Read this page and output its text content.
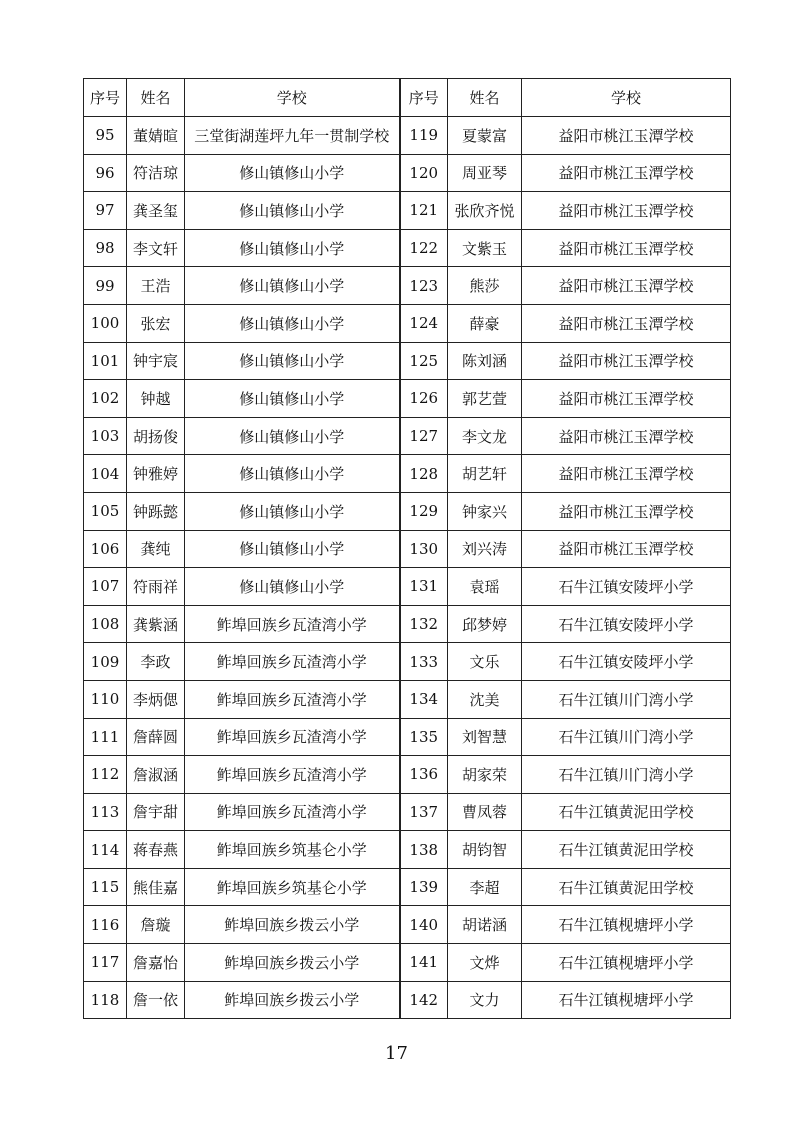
序号	姓名	学校	序号	姓名	学校
95	董婧暄	三堂街湖莲坪九年一贯制学校	119	夏蒙富	益阳市桃江玉潭学校
96	符洁琼	修山镇修山小学	120	周亚琴	益阳市桃江玉潭学校
97	龚圣玺	修山镇修山小学	121	张欣齐悦	益阳市桃江玉潭学校
98	李文轩	修山镇修山小学	122	文紫玉	益阳市桃江玉潭学校
99	王浩	修山镇修山小学	123	熊莎	益阳市桃江玉潭学校
100	张宏	修山镇修山小学	124	薛豪	益阳市桃江玉潭学校
101	钟宇宸	修山镇修山小学	125	陈刘涵	益阳市桃江玉潭学校
102	钟越	修山镇修山小学	126	郭艺萱	益阳市桃江玉潭学校
103	胡扬俊	修山镇修山小学	127	李文龙	益阳市桃江玉潭学校
104	钟雅婷	修山镇修山小学	128	胡艺轩	益阳市桃江玉潭学校
105	钟跞懿	修山镇修山小学	129	钟家兴	益阳市桃江玉潭学校
106	龚纯	修山镇修山小学	130	刘兴涛	益阳市桃江玉潭学校
107	符雨祥	修山镇修山小学	131	袁瑶	石牛江镇安陵坪小学
108	龚紫涵	鲊埠回族乡瓦渣湾小学	132	邱梦婷	石牛江镇安陵坪小学
109	李政	鲊埠回族乡瓦渣湾小学	133	文乐	石牛江镇安陵坪小学
110	李炳偲	鲊埠回族乡瓦渣湾小学	134	沈美	石牛江镇川门湾小学
111	詹薛圆	鲊埠回族乡瓦渣湾小学	135	刘智慧	石牛江镇川门湾小学
112	詹淑涵	鲊埠回族乡瓦渣湾小学	136	胡家荣	石牛江镇川门湾小学
113	詹宇甜	鲊埠回族乡瓦渣湾小学	137	曹凤蓉	石牛江镇黄泥田学校
114	蒋春燕	鲊埠回族乡筑基仑小学	138	胡钧智	石牛江镇黄泥田学校
115	熊佳嘉	鲊埠回族乡筑基仑小学	139	李超	石牛江镇黄泥田学校
116	詹璇	鲊埠回族乡拨云小学	140	胡诺涵	石牛江镇枧塘坪小学
117	詹嘉怡	鲊埠回族乡拨云小学	141	文烨	石牛江镇枧塘坪小学
118	詹一依	鲊埠回族乡拨云小学	142	文力	石牛江镇枧塘坪小学
17
